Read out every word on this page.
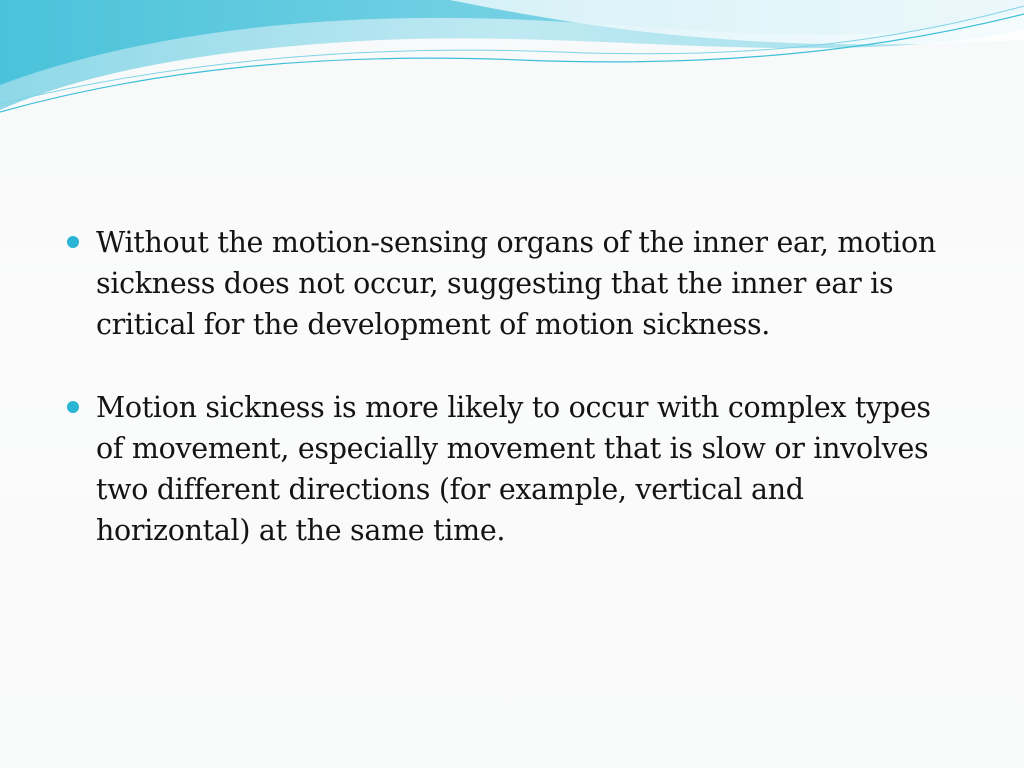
Without the motion-sensing organs of the inner ear, motion sickness does not occur, suggesting that the inner ear is critical for the development of motion sickness.
Motion sickness is more likely to occur with complex types of movement, especially movement that is slow or involves two different directions (for example, vertical and horizontal) at the same time.
